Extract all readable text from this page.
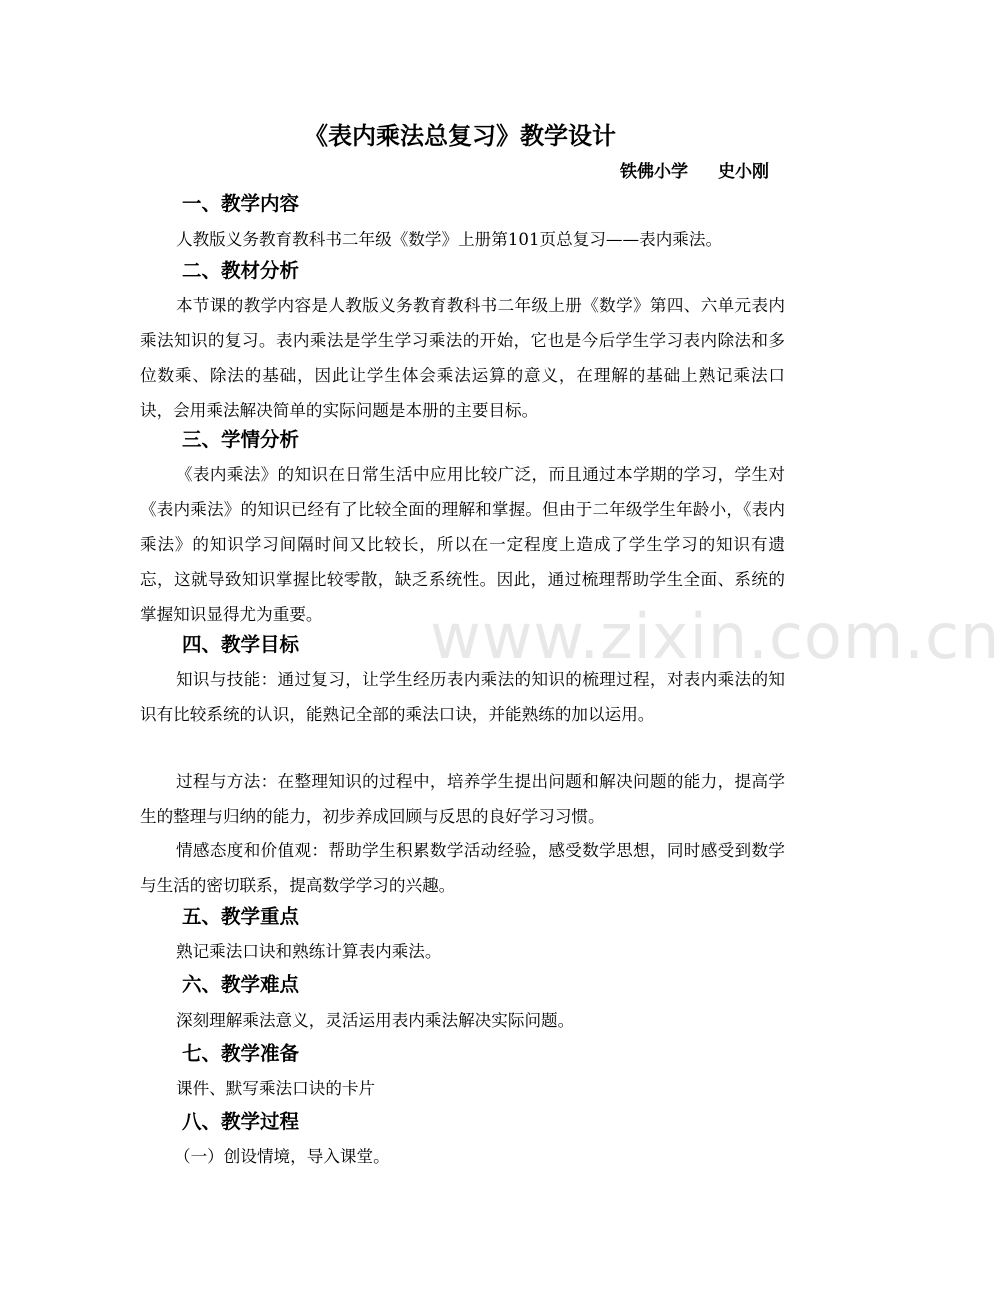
www.zixin.com.cn
《表内乘法总复习》教学设计
铁佛小学 史小刚
一、教学内容

人教版义务教育教科书二年级《数学》上册第101页总复习——表内乘法。

二、教材分析

本节课的教学内容是人教版义务教育教科书二年级上册《数学》第四、六单元表内乘法知识的复习。表内乘法是学生学习乘法的开始，它也是今后学生学习表内除法和多位数乘、除法的基础，因此让学生体会乘法运算的意义，在理解的基础上熟记乘法口诀，会用乘法解决简单的实际问题是本册的主要目标。

三、学情分析

《表内乘法》的知识在日常生活中应用比较广泛，而且通过本学期的学习，学生对《表内乘法》的知识已经有了比较全面的理解和掌握。但由于二年级学生年龄小，《表内乘法》的知识学习间隔时间又比较长，所以在一定程度上造成了学生学习的知识有遗忘，这就导致知识掌握比较零散，缺乏系统性。因此，通过梳理帮助学生全面、系统的掌握知识显得尤为重要。

四、教学目标

知识与技能：通过复习，让学生经历表内乘法的知识的梳理过程，对表内乘法的知识有比较系统的认识，能熟记全部的乘法口诀，并能熟练的加以运用。

过程与方法：在整理知识的过程中，培养学生提出问题和解决问题的能力，提高学生的整理与归纳的能力，初步养成回顾与反思的良好学习习惯。

情感态度和价值观：帮助学生积累数学活动经验，感受数学思想，同时感受到数学与生活的密切联系，提高数学学习的兴趣。

五、教学重点

熟记乘法口诀和熟练计算表内乘法。

六、教学难点

深刻理解乘法意义，灵活运用表内乘法解决实际问题。

七、教学准备

课件、默写乘法口诀的卡片

八、教学过程

（一）创设情境，导入课堂。
